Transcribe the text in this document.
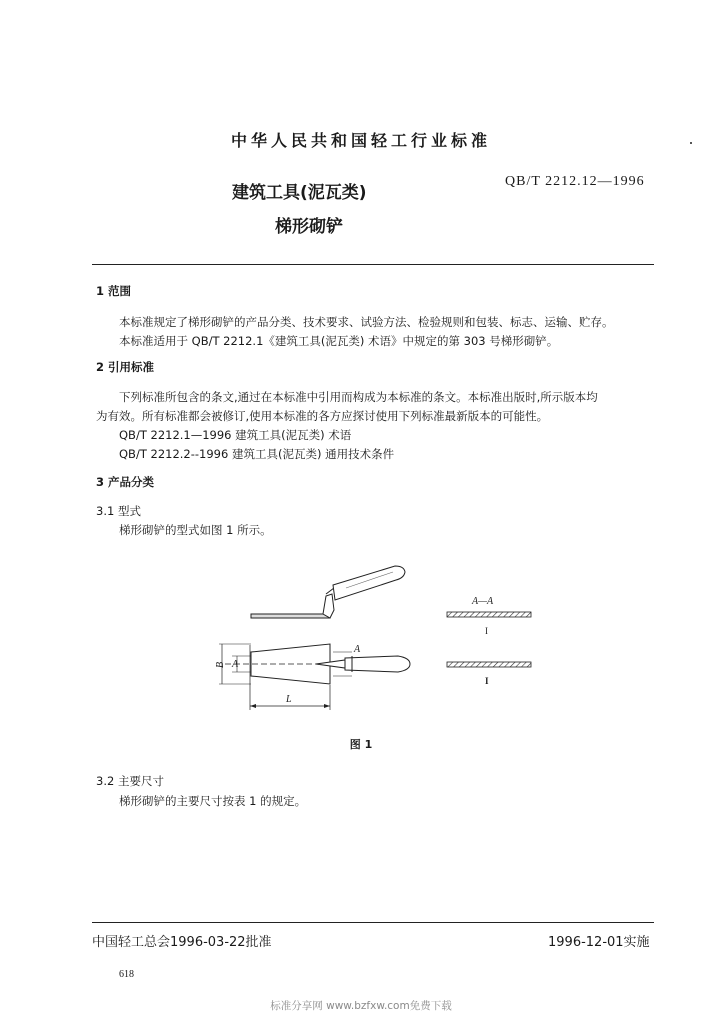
中华人民共和国轻工行业标准
建筑工具(泥瓦类)
梯形砌铲
QB/T 2212.12—1996
1 范围
本标准规定了梯形砌铲的产品分类、技术要求、试验方法、检验规则和包装、标志、运输、贮存。
本标准适用于 QB/T 2212.1《建筑工具(泥瓦类) 术语》中规定的第 303 号梯形砌铲。
2 引用标准
下列标准所包含的条文,通过在本标准中引用而构成为本标准的条文。本标准出版时,所示版本均
为有效。所有标准都会被修订,使用本标准的各方应探讨使用下列标准最新版本的可能性。
QB/T 2212.1—1996 建筑工具(泥瓦类) 术语
QB/T 2212.2--1996 建筑工具(泥瓦类) 通用技术条件
3 产品分类
3.1 型式
梯形砌铲的型式如图 1 所示。
A—A
A
A
B
L
I
I
图 1
3.2 主要尺寸
梯形砌铲的主要尺寸按表 1 的规定。
中国轻工总会1996-03-22批准	1996-12-01实施
618
标准分享网 www.bzfxw.com免费下载
